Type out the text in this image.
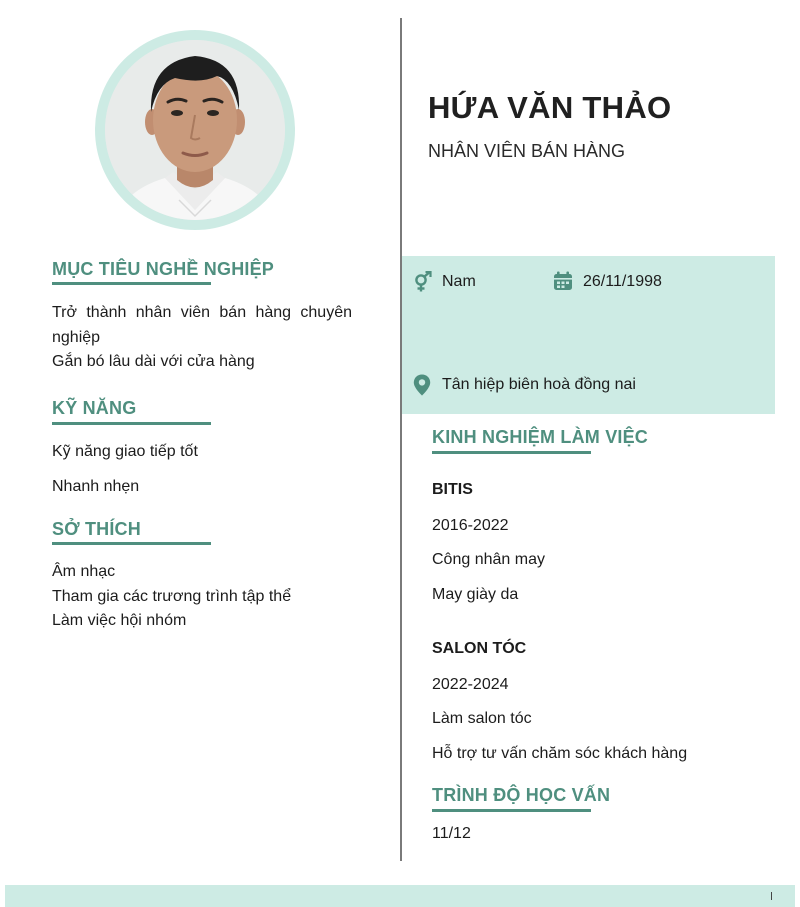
MỤC TIÊU NGHỀ NGHIỆP
Trở thành nhân viên bán hàng chuyên nghiệp
Gắn bó lâu dài với cửa hàng
KỸ NĂNG
Kỹ năng giao tiếp tốt
Nhanh nhẹn
SỞ THÍCH
Âm nhạc
Tham gia các trương trình tập thể
Làm việc hội nhóm
HỨA VĂN THẢO
NHÂN VIÊN BÁN HÀNG
Nam	26/11/1998
Tân hiệp biên hoà đồng nai
KINH NGHIỆM LÀM VIỆC
BITIS
2016-2022
Công nhân may
May giày da
SALON TÓC
2022-2024
Làm salon tóc
Hỗ trợ tư vấn chăm sóc khách hàng
TRÌNH ĐỘ HỌC VẤN
11/12
